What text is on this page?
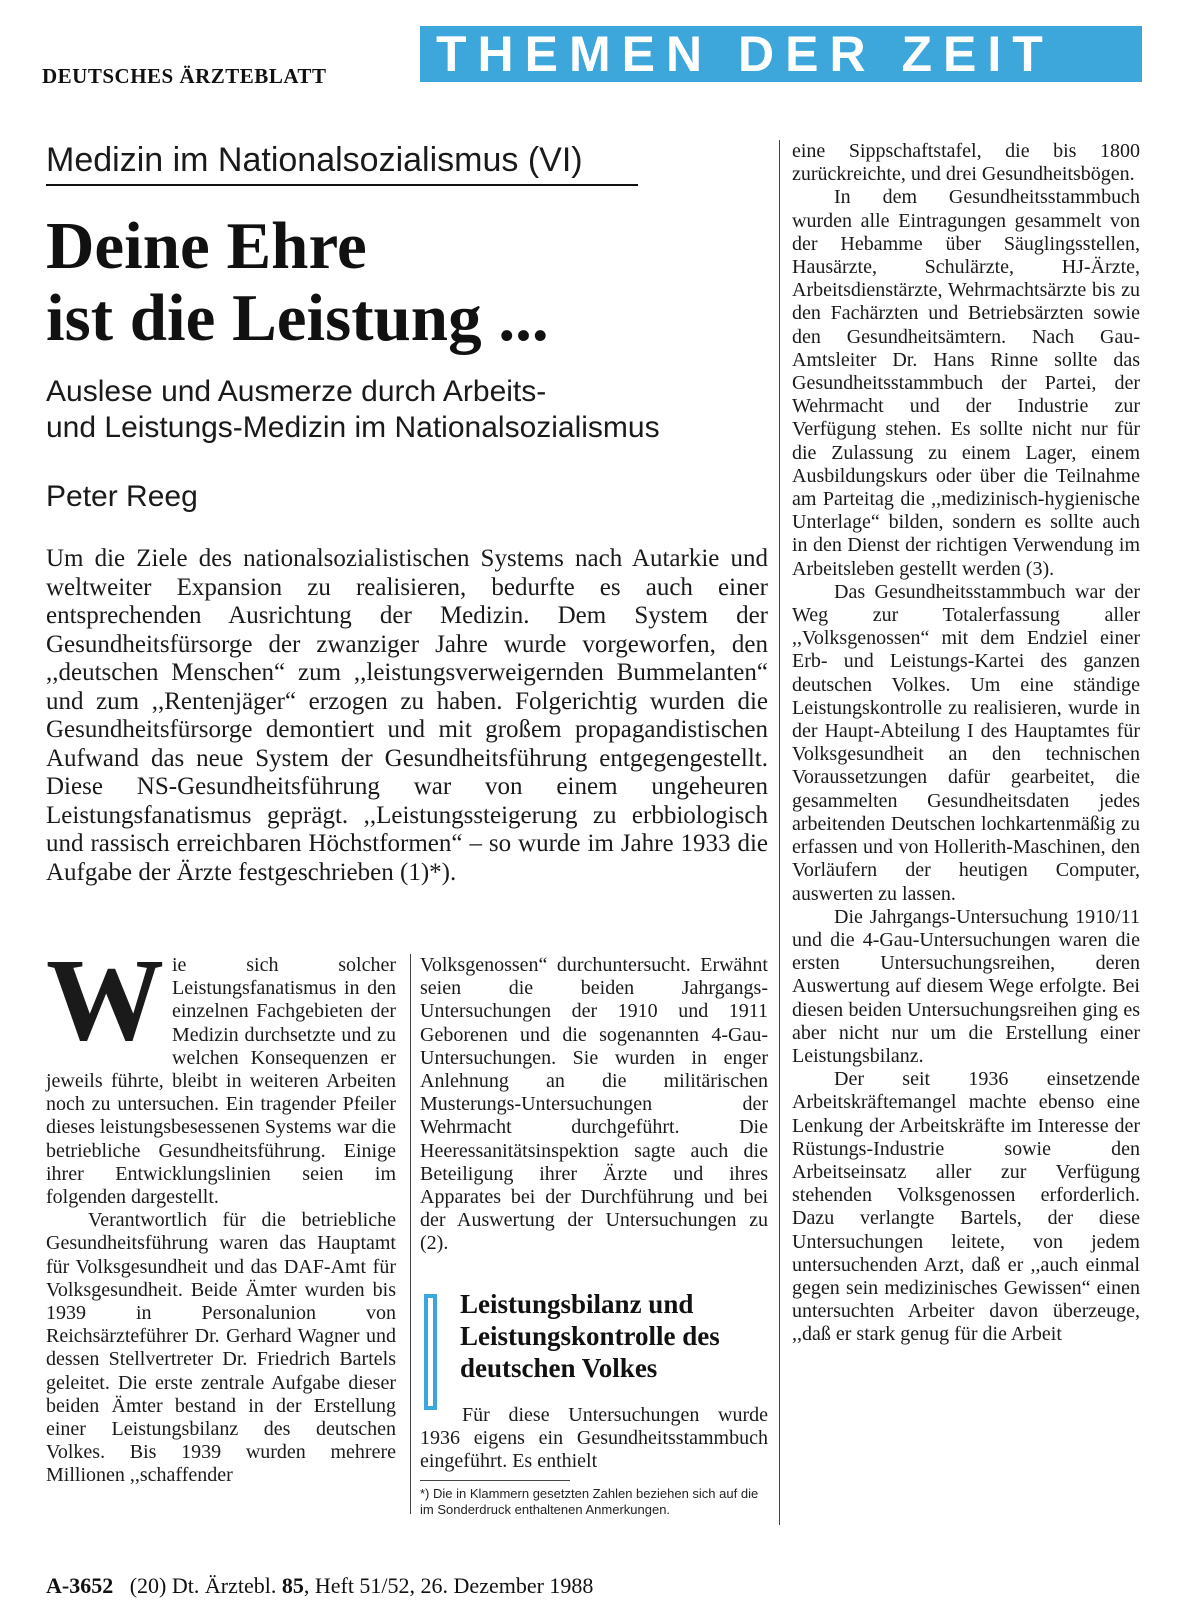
DEUTSCHES ÄRZTEBLATT	THEMEN DER ZEIT
Medizin im Nationalsozialismus (VI)
Deine Ehre
ist die Leistung ...
Auslese und Ausmerze durch Arbeits-
und Leistungs-Medizin im Nationalsozialismus
Peter Reeg
Um die Ziele des nationalsozialistischen Systems nach Autarkie und weltweiter Expansion zu realisieren, bedurfte es auch einer entsprechenden Ausrichtung der Medizin. Dem System der Gesundheitsfürsorge der zwanziger Jahre wurde vorgeworfen, den ,,deutschen Menschen“ zum ,,leistungsverweigernden Bummelanten“ und zum ,,Rentenjäger“ erzogen zu haben. Folgerichtig wurden die Gesundheitsfürsorge demontiert und mit großem propagandistischen Aufwand das neue System der Gesundheitsführung entgegengestellt. Diese NS-Gesundheitsführung war von einem ungeheuren Leistungsfanatismus geprägt. ,,Leistungssteigerung zu erbbiologisch und rassisch erreichbaren Höchstformen“ – so wurde im Jahre 1933 die Aufgabe der Ärzte festgeschrieben (1)*).

Wie sich solcher Leistungsfanatismus in den einzelnen Fachgebieten der Medizin durchsetzte und zu welchen Konsequenzen er jeweils führte, bleibt in weiteren Arbeiten noch zu untersuchen. Ein tragender Pfeiler dieses leistungsbesessenen Systems war die betriebliche Gesundheitsführung. Einige ihrer Entwicklungslinien seien im folgenden dargestellt.

Verantwortlich für die betriebliche Gesundheitsführung waren das Hauptamt für Volksgesundheit und das DAF-Amt für Volksgesundheit. Beide Ämter wurden bis 1939 in Personalunion von Reichsärzteführer Dr. Gerhard Wagner und dessen Stellvertreter Dr. Friedrich Bartels geleitet. Die erste zentrale Aufgabe dieser beiden Ämter bestand in der Erstellung einer Leistungsbilanz des deutschen Volkes. Bis 1939 wurden mehrere Millionen ,,schaffender

Volksgenossen“ durchuntersucht. Erwähnt seien die beiden Jahrgangs-Untersuchungen der 1910 und 1911 Geborenen und die sogenannten 4-Gau-Untersuchungen. Sie wurden in enger Anlehnung an die militärischen Musterungs-Untersuchungen der Wehrmacht durchgeführt. Die Heeressanitätsinspektion sagte auch die Beteiligung ihrer Ärzte und ihres Apparates bei der Durchführung und bei der Auswertung der Untersuchungen zu (2).

Leistungsbilanz und Leistungskontrolle des deutschen Volkes

Für diese Untersuchungen wurde 1936 eigens ein Gesundheitsstammbuch eingeführt. Es enthielt

*) Die in Klammern gesetzten Zahlen beziehen sich auf die im Sonderdruck enthaltenen Anmerkungen.

eine Sippschaftstafel, die bis 1800 zurückreichte, und drei Gesundheitsbögen.

In dem Gesundheitsstammbuch wurden alle Eintragungen gesammelt von der Hebamme über Säuglingsstellen, Hausärzte, Schulärzte, HJ-Ärzte, Arbeitsdienstärzte, Wehrmachtsärzte bis zu den Fachärzten und Betriebsärzten sowie den Gesundheitsämtern. Nach Gau-Amtsleiter Dr. Hans Rinne sollte das Gesundheitsstammbuch der Partei, der Wehrmacht und der Industrie zur Verfügung stehen. Es sollte nicht nur für die Zulassung zu einem Lager, einem Ausbildungskurs oder über die Teilnahme am Parteitag die ,,medizinisch-hygienische Unterlage“ bilden, sondern es sollte auch in den Dienst der richtigen Verwendung im Arbeitsleben gestellt werden (3).

Das Gesundheitsstammbuch war der Weg zur Totalerfassung aller ,,Volksgenossen“ mit dem Endziel einer Erb- und Leistungs-Kartei des ganzen deutschen Volkes. Um eine ständige Leistungskontrolle zu realisieren, wurde in der Haupt-Abteilung I des Hauptamtes für Volksgesundheit an den technischen Voraussetzungen dafür gearbeitet, die gesammelten Gesundheitsdaten jedes arbeitenden Deutschen lochkartenmäßig zu erfassen und von Hollerith-Maschinen, den Vorläufern der heutigen Computer, auswerten zu lassen.

Die Jahrgangs-Untersuchung 1910/11 und die 4-Gau-Untersuchungen waren die ersten Untersuchungsreihen, deren Auswertung auf diesem Wege erfolgte. Bei diesen beiden Untersuchungsreihen ging es aber nicht nur um die Erstellung einer Leistungsbilanz.

Der seit 1936 einsetzende Arbeitskräftemangel machte ebenso eine Lenkung der Arbeitskräfte im Interesse der Rüstungs-Industrie sowie den Arbeitseinsatz aller zur Verfügung stehenden Volksgenossen erforderlich. Dazu verlangte Bartels, der diese Untersuchungen leitete, von jedem untersuchenden Arzt, daß er ,,auch einmal gegen sein medizinisches Gewissen“ einen untersuchten Arbeiter davon überzeuge, ,,daß er stark genug für die Arbeit

A-3652 (20) Dt. Ärztebl. 85, Heft 51/52, 26. Dezember 1988
